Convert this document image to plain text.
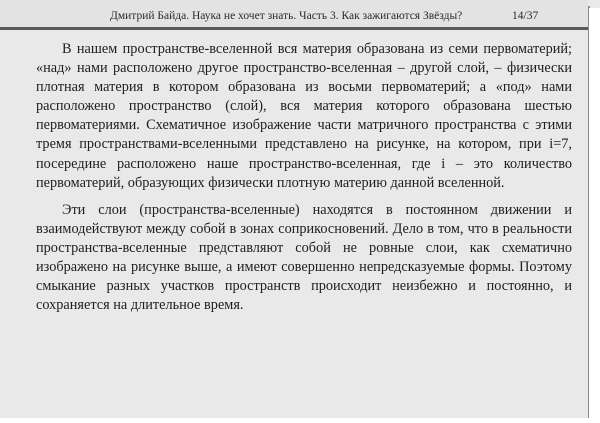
Дмитрий Байда. Наука не хочет знать. Часть 3. Как зажигаются Звёзды?	14/37

В нашем пространстве-вселенной вся материя образована из семи первоматерий; «над» нами расположено другое пространство-вселенная – другой слой, – физически плотная материя в котором образована из восьми первоматерий; а «под» нами расположено пространство (слой), вся материя которого образована шестью первоматериями. Схематичное изображение части матричного пространства с этими тремя пространствами-вселенными представлено на рисунке, на котором, при i=7, посередине расположено наше пространство-вселенная, где i – это количество первоматерий, образующих физически плотную материю данной вселенной.

Эти слои (пространства-вселенные) находятся в постоянном движении и взаимодействуют между собой в зонах соприкосновений. Дело в том, что в реальности пространства-вселенные представляют собой не ровные слои, как схематично изображено на рисунке выше, а имеют совершенно непредсказуемые формы. Поэтому смыкание разных участков пространств происходит неизбежно и постоянно, и сохраняется на длительное время.
